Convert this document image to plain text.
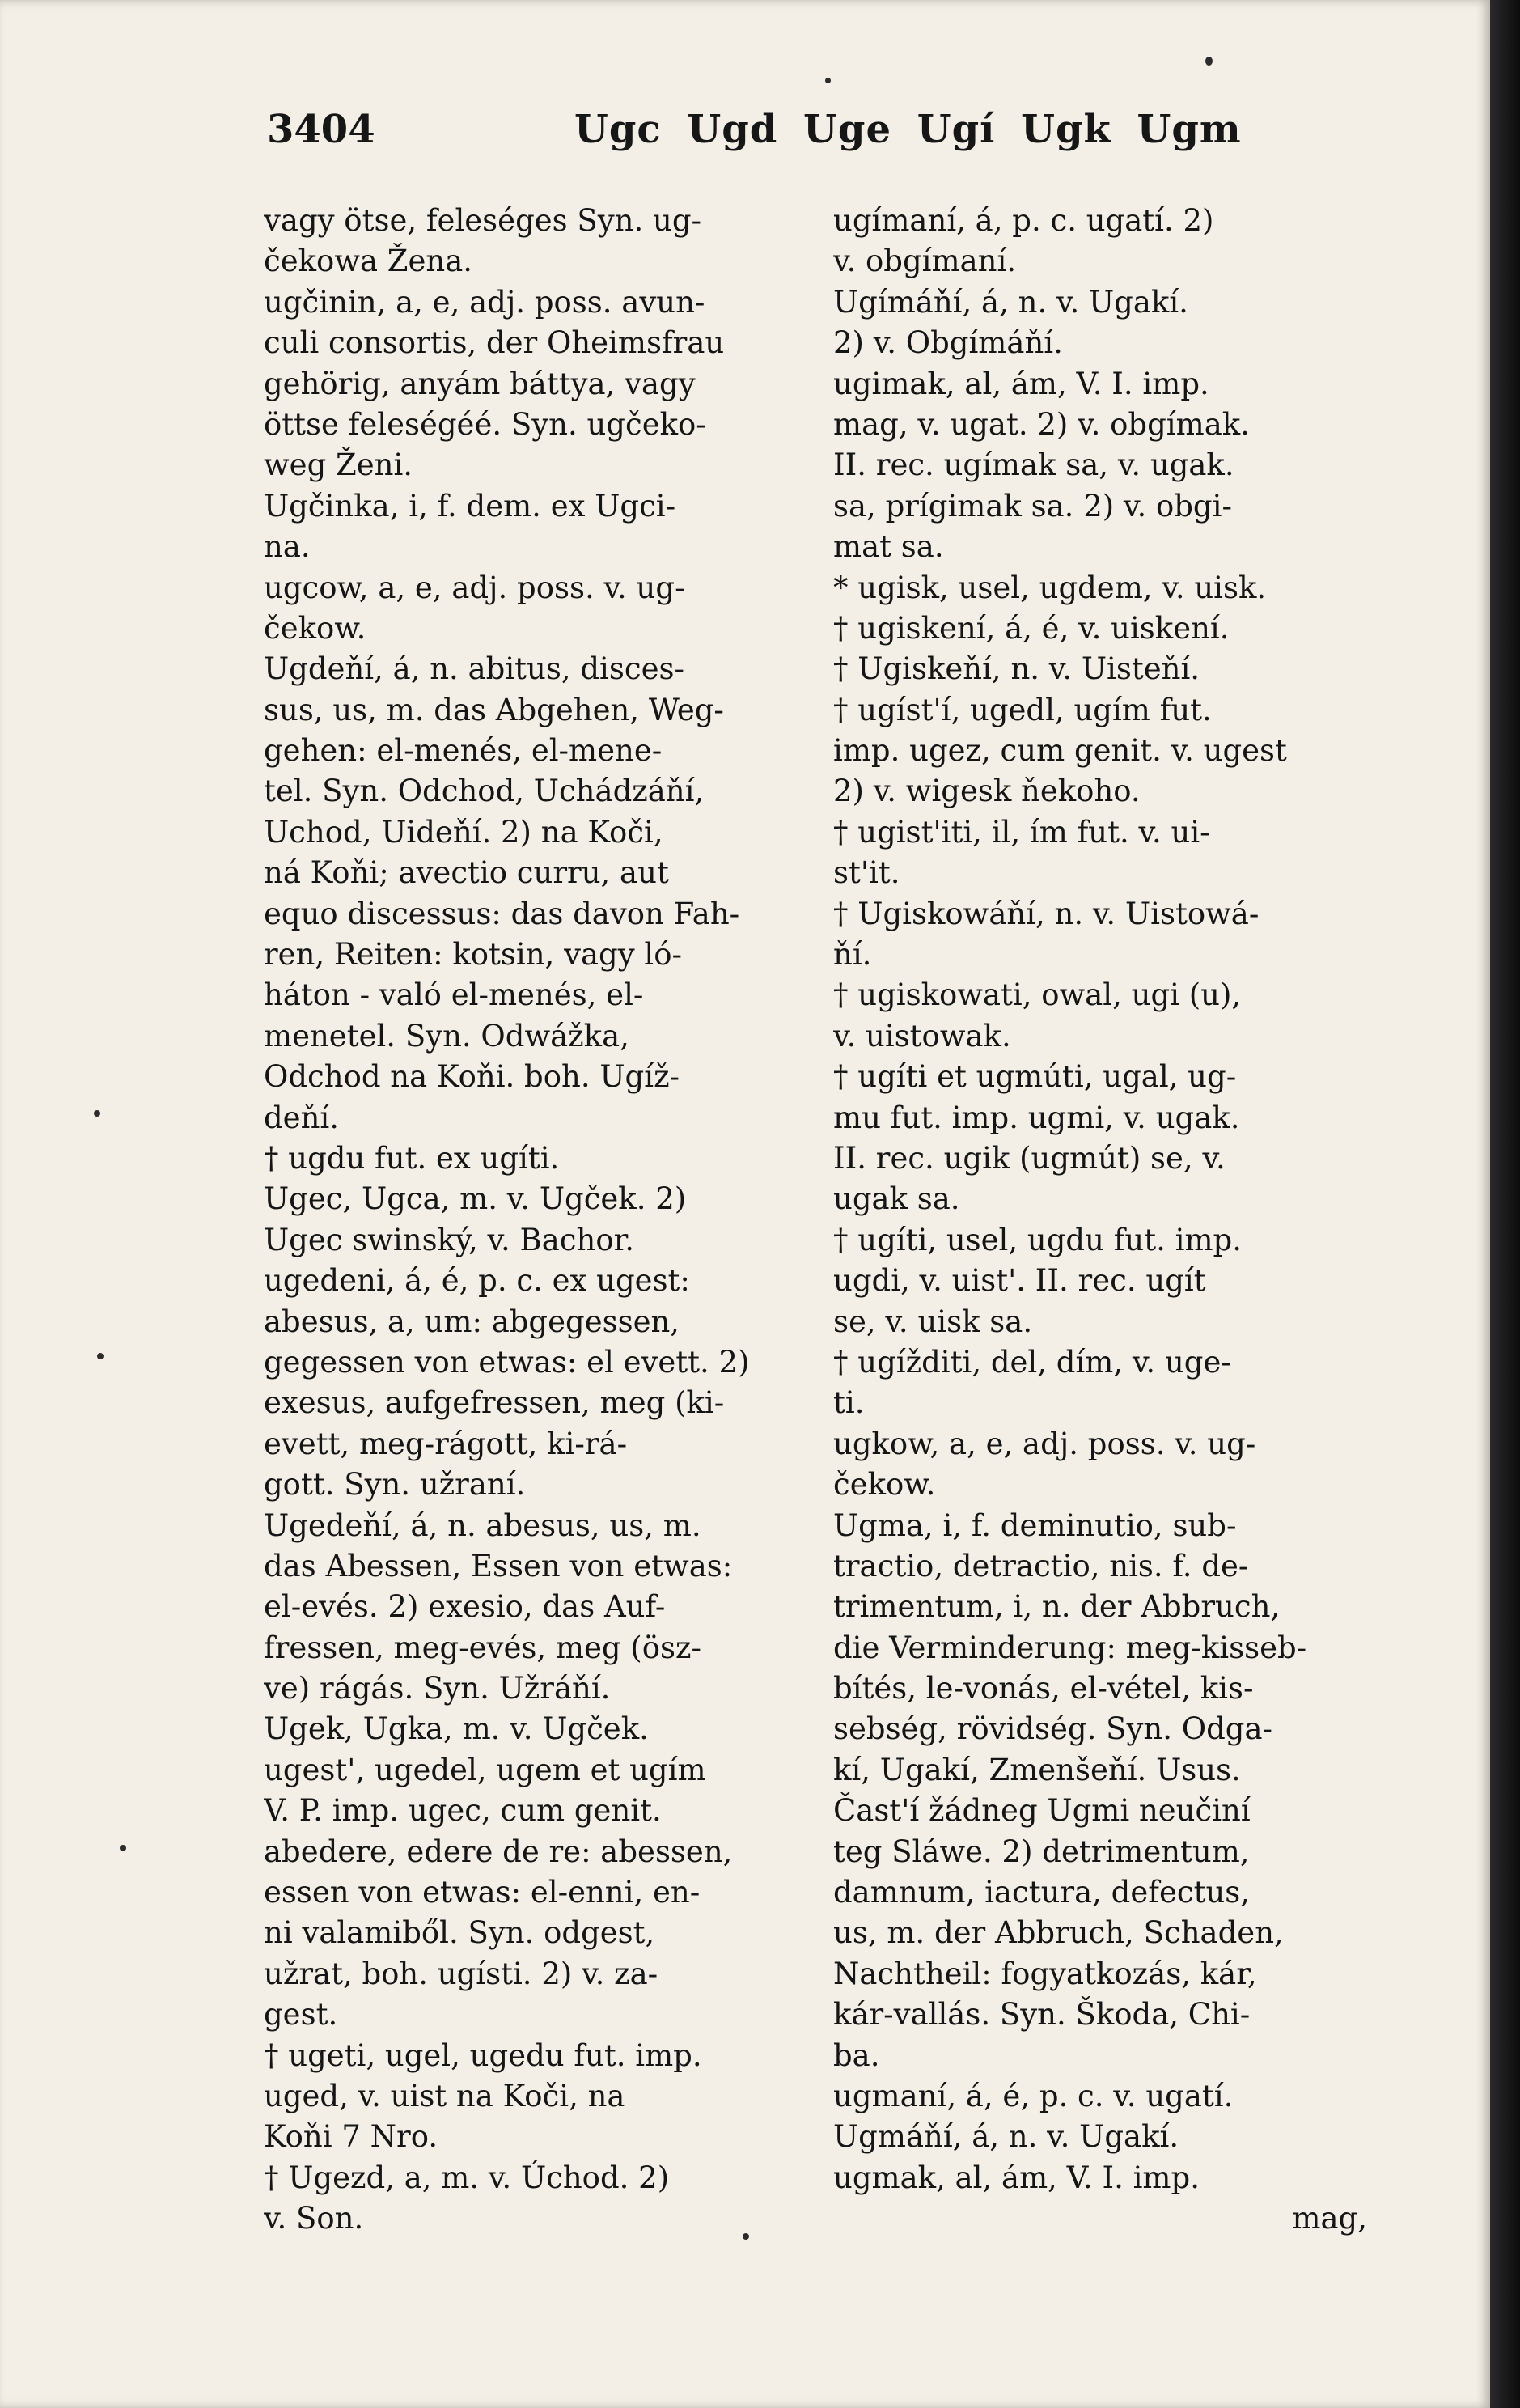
3404	Ugc Ugd Uge Ugí Ugk Ugm
vagy ötse, feleséges Syn. ug-
čekowa Žena.
ugčinin, a, e, adj. poss. avun-
culi consortis, der Oheimsfrau
gehörig, anyám báttya, vagy
öttse feleségéé. Syn. ugčeko-
weg Ženi.
Ugčinka, i, f. dem. ex Ugci-
na.
ugcow, a, e, adj. poss. v. ug-
čekow.
Ugdeňí, á, n. abitus, disces-
sus, us, m. das Abgehen, Weg-
gehen: el-menés, el-mene-
tel. Syn. Odchod, Uchádzáňí,
Uchod, Uideňí. 2) na Koči,
ná Koňi; avectio curru, aut
equo discessus: das davon Fah-
ren, Reiten: kotsin, vagy ló-
háton - való el-menés, el-
menetel. Syn. Odwážka,
Odchod na Koňi. boh. Ugíž-
deňí.
† ugdu fut. ex ugíti.
Ugec, Ugca, m. v. Ugček. 2)
Ugec swinský, v. Bachor.
ugedeni, á, é, p. c. ex ugest:
abesus, a, um: abgegessen,
gegessen von etwas: el evett. 2)
exesus, aufgefressen, meg (ki-
evett, meg-rágott, ki-rá-
gott. Syn. užraní.
Ugedeňí, á, n. abesus, us, m.
das Abessen, Essen von etwas:
el-evés. 2) exesio, das Auf-
fressen, meg-evés, meg (ösz-
ve) rágás. Syn. Užráňí.
Ugek, Ugka, m. v. Ugček.
ugest', ugedel, ugem et ugím
V. P. imp. ugec, cum genit.
abedere, edere de re: abessen,
essen von etwas: el-enni, en-
ni valamiből. Syn. odgest,
užrat, boh. ugísti. 2) v. za-
gest.
† ugeti, ugel, ugedu fut. imp.
uged, v. uist na Koči, na
Koňi 7 Nro.
† Ugezd, a, m. v. Úchod. 2)
v. Son.
ugímaní, á, p. c. ugatí. 2)
v. obgímaní.
Ugímáňí, á, n. v. Ugakí.
2) v. Obgímáňí.
ugimak, al, ám, V. I. imp.
mag, v. ugat. 2) v. obgímak.
II. rec. ugímak sa, v. ugak.
sa, prígimak sa. 2) v. obgi-
mat sa.
* ugisk, usel, ugdem, v. uisk.
† ugiskení, á, é, v. uiskení.
† Ugiskeňí, n. v. Uisteňí.
† ugíst'í, ugedl, ugím fut.
imp. ugez, cum genit. v. ugest
2) v. wigesk ňekoho.
† ugist'iti, il, ím fut. v. ui-
st'it.
† Ugiskowáňí, n. v. Uistowá-
ňí.
† ugiskowati, owal, ugi (u),
v. uistowak.
† ugíti et ugmúti, ugal, ug-
mu fut. imp. ugmi, v. ugak.
II. rec. ugik (ugmút) se, v.
ugak sa.
† ugíti, usel, ugdu fut. imp.
ugdi, v. uist'. II. rec. ugít
se, v. uisk sa.
† ugížditi, del, dím, v. uge-
ti.
ugkow, a, e, adj. poss. v. ug-
čekow.
Ugma, i, f. deminutio, sub-
tractio, detractio, nis. f. de-
trimentum, i, n. der Abbruch,
die Verminderung: meg-kisseb-
bítés, le-vonás, el-vétel, kis-
sebség, rövidség. Syn. Odga-
kí, Ugakí, Zmenšeňí. Usus.
Čast'í žádneg Ugmi neučiní
teg Sláwe. 2) detrimentum,
damnum, iactura, defectus,
us, m. der Abbruch, Schaden,
Nachtheil: fogyatkozás, kár,
kár-vallás. Syn. Škoda, Chi-
ba.
ugmaní, á, é, p. c. v. ugatí.
Ugmáňí, á, n. v. Ugakí.
ugmak, al, ám, V. I. imp.
mag,
